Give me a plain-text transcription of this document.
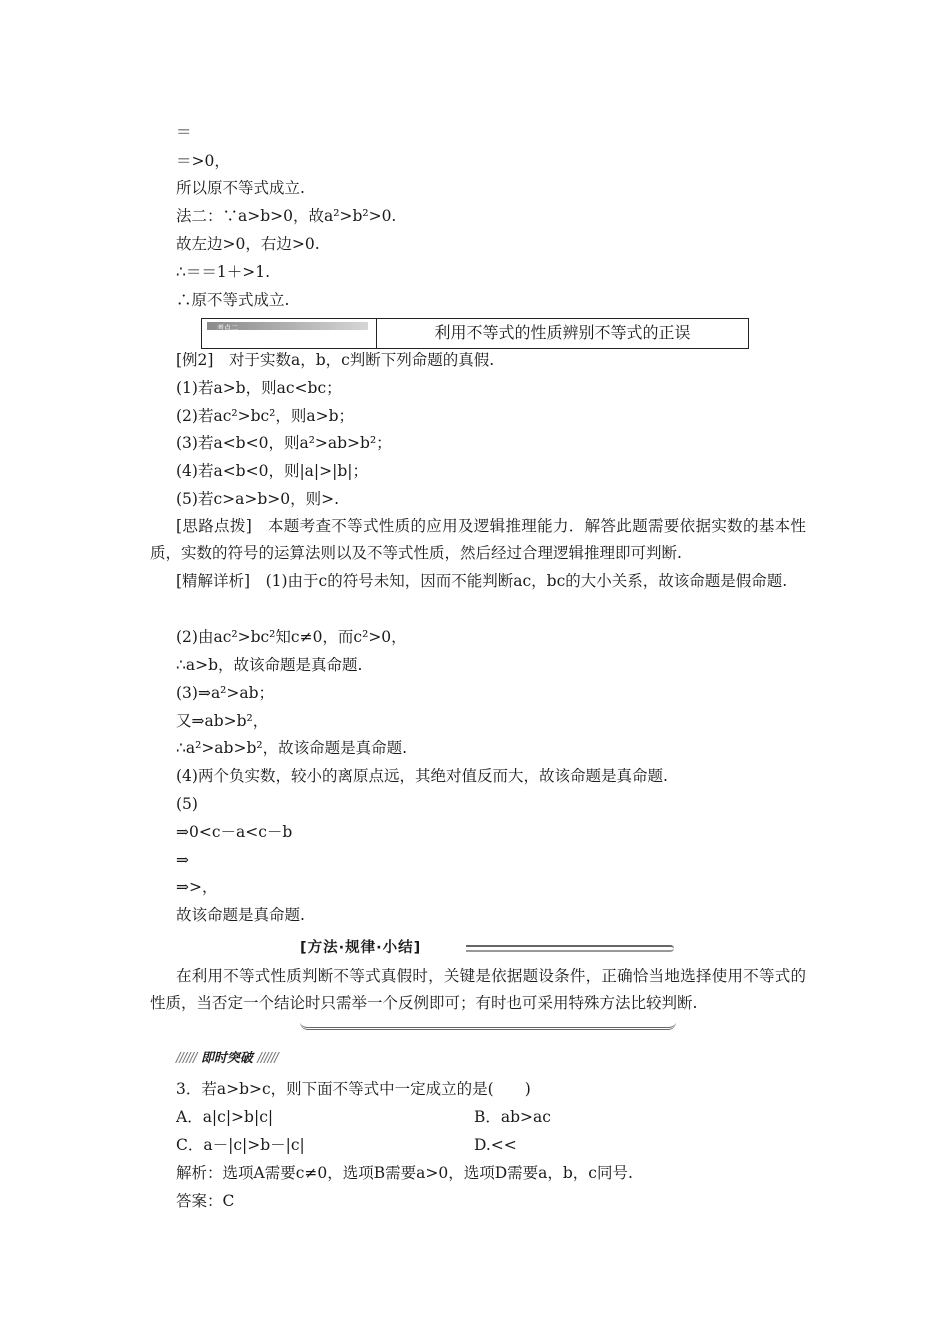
＝
＝>0，
所以原不等式成立.
法二：∵a>b>0，故a²>b²>0.
故左边>0，右边>0.
∴＝＝1＋>1.
∴原不等式成立.
考点二	利用不等式的性质辨别不等式的正误
[例2]　对于实数a，b，c判断下列命题的真假.
(1)若a>b，则ac<bc；
(2)若ac²>bc²，则a>b；
(3)若a<b<0，则a²>ab>b²；
(4)若a<b<0，则|a|>|b|；
(5)若c>a>b>0，则>.
[思路点拨]　本题考查不等式性质的应用及逻辑推理能力．解答此题需要依据实数的基本性质，实数的符号的运算法则以及不等式性质，然后经过合理逻辑推理即可判断.
[精解详析]　(1)由于c的符号未知，因而不能判断ac，bc的大小关系，故该命题是假命题.
(2)由ac²>bc²知c≠0，而c²>0，
∴a>b，故该命题是真命题.
(3)⇒a²>ab；
又⇒ab>b²，
∴a²>ab>b²，故该命题是真命题.
(4)两个负实数，较小的离原点远，其绝对值反而大，故该命题是真命题.
(5)
⇒0<c－a<c－b
⇒
⇒>，
故该命题是真命题.
[方法·规律·小结]
在利用不等式性质判断不等式真假时，关键是依据题设条件，正确恰当地选择使用不等式的性质，当否定一个结论时只需举一个反例即可；有时也可采用特殊方法比较判断.
////// 即时突破 //////
3．若a>b>c，则下面不等式中一定成立的是(　　)
A．a|c|>b|c|	B．ab>ac
C．a－|c|>b－|c|	D.<<
解析：选项A需要c≠0，选项B需要a>0，选项D需要a，b，c同号.
答案：C
